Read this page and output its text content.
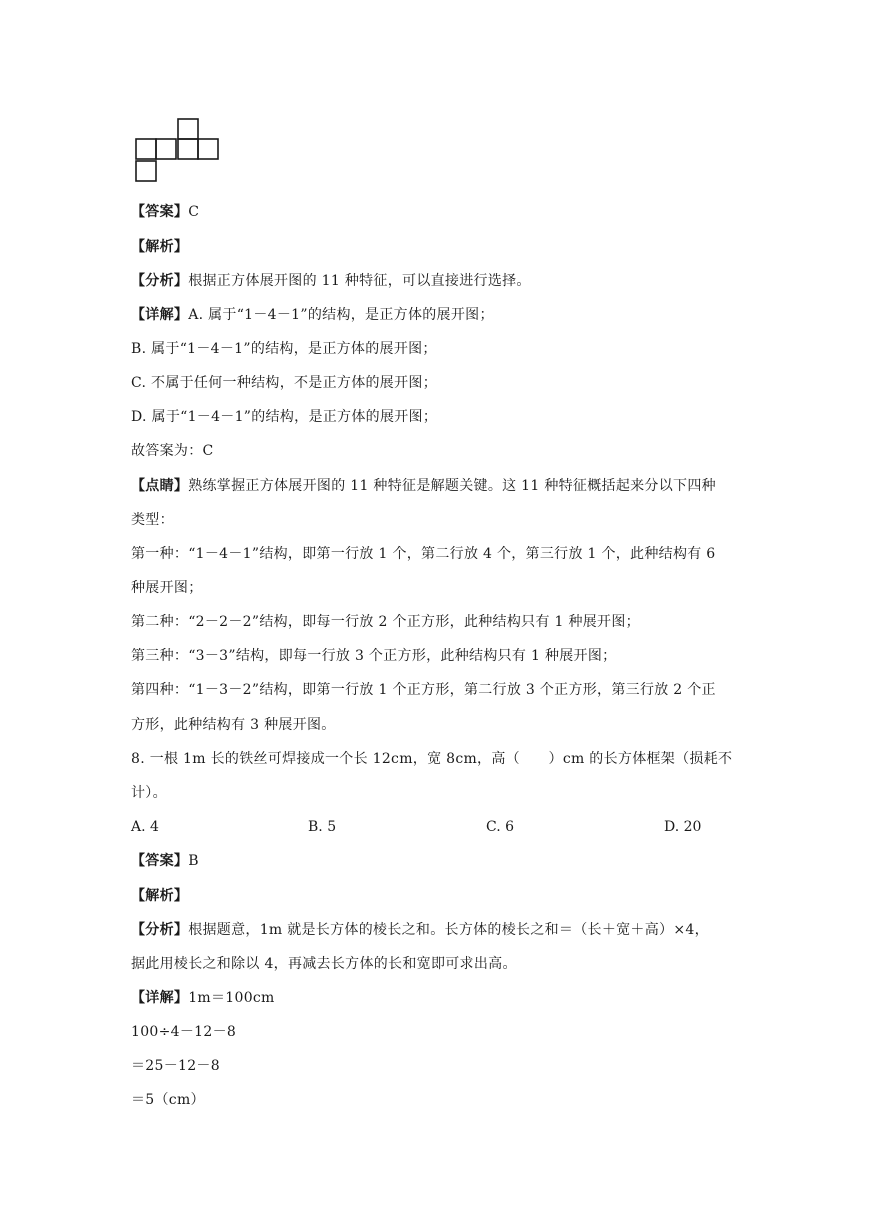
【答案】C
【解析】
【分析】根据正方体展开图的 11 种特征，可以直接进行选择。
【详解】A. 属于“1－4－1”的结构，是正方体的展开图；
B. 属于“1－4－1”的结构，是正方体的展开图；
C. 不属于任何一种结构，不是正方体的展开图；
D. 属于“1－4－1”的结构，是正方体的展开图；
故答案为：C
【点睛】熟练掌握正方体展开图的 11 种特征是解题关键。这 11 种特征概括起来分以下四种
类型：
第一种：“1－4－1”结构，即第一行放 1 个，第二行放 4 个，第三行放 1 个，此种结构有 6
种展开图；
第二种：“2－2－2”结构，即每一行放 2 个正方形，此种结构只有 1 种展开图；
第三种：“3－3”结构，即每一行放 3 个正方形，此种结构只有 1 种展开图；
第四种：“1－3－2”结构，即第一行放 1 个正方形，第二行放 3 个正方形，第三行放 2 个正
方形，此种结构有 3 种展开图。
8. 一根 1m 长的铁丝可焊接成一个长 12cm，宽 8cm，高（　　）cm 的长方体框架（损耗不
计）。
A. 4	B. 5	C. 6	D. 20
【答案】B
【解析】
【分析】根据题意，1m 就是长方体的棱长之和。长方体的棱长之和＝（长＋宽＋高）×4，
据此用棱长之和除以 4，再减去长方体的长和宽即可求出高。
【详解】1m＝100cm
100÷4－12－8
＝25－12－8
＝5（cm）
